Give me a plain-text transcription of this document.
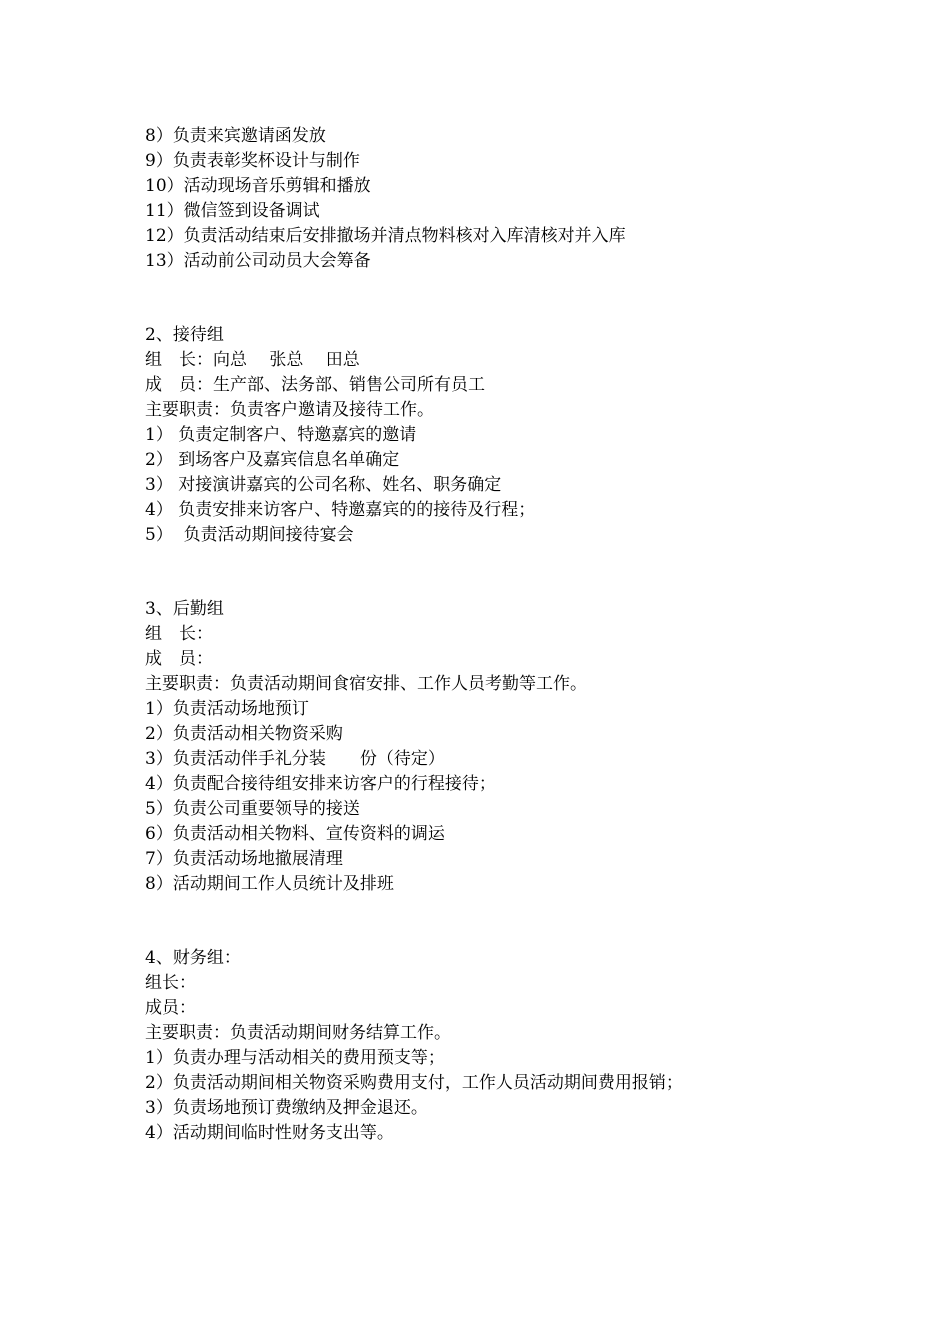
8）负责来宾邀请函发放
9）负责表彰奖杯设计与制作
10）活动现场音乐剪辑和播放
11）微信签到设备调试
12）负责活动结束后安排撤场并清点物料核对入库清核对并入库
13）活动前公司动员大会筹备
2、接待组
组　长：向总　 张总　 田总
成　员：生产部、法务部、销售公司所有员工
主要职责：负责客户邀请及接待工作。
1） 负责定制客户、特邀嘉宾的邀请
2） 到场客户及嘉宾信息名单确定
3） 对接演讲嘉宾的公司名称、姓名、职务确定
4） 负责安排来访客户、特邀嘉宾的的接待及行程；
5）  负责活动期间接待宴会
3、后勤组
组　长：
成　员：
主要职责：负责活动期间食宿安排、工作人员考勤等工作。
1）负责活动场地预订
2）负责活动相关物资采购
3）负责活动伴手礼分装　　份（待定）
4）负责配合接待组安排来访客户的行程接待；
5）负责公司重要领导的接送
6）负责活动相关物料、宣传资料的调运
7）负责活动场地撤展清理
8）活动期间工作人员统计及排班
4、财务组：
组长：
成员：
主要职责：负责活动期间财务结算工作。
1）负责办理与活动相关的费用预支等；
2）负责活动期间相关物资采购费用支付，工作人员活动期间费用报销；
3）负责场地预订费缴纳及押金退还。
4）活动期间临时性财务支出等。
